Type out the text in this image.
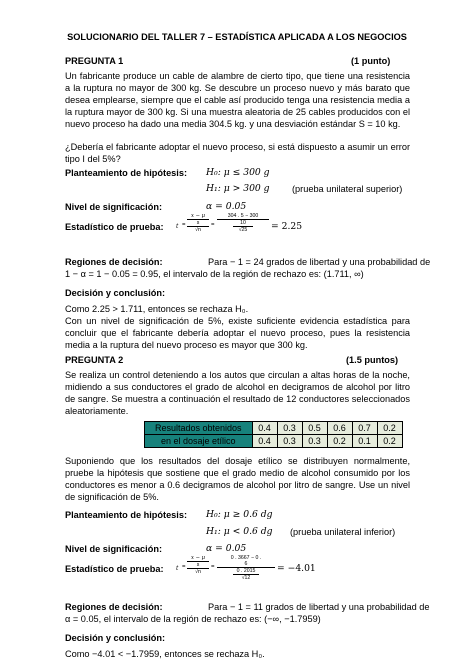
SOLUCIONARIO DEL TALLER 7 – ESTADÍSTICA APLICADA A LOS NEGOCIOS
PREGUNTA 1	(1 punto)
Un fabricante produce un cable de alambre de cierto tipo, que tiene una resistencia a la ruptura no mayor de 300 kg. Se descubre un proceso nuevo y más barato que desea emplearse, siempre que el cable así producido tenga una resistencia media a la ruptura mayor de 300 kg. Si una muestra aleatoria de 25 cables producidos con el nuevo proceso ha dado una media 304.5 kg. y una desviación estándar S = 10 kg.
¿Debería el fabricante adoptar el nuevo proceso, si está dispuesto a asumir un error tipo I del 5%?
Planteamiento de hipótesis: H₀: μ ≤ 300 g
H₁: μ > 300 g (prueba unilateral superior)
Nivel de significación:	α = 0.05
Estadístico de prueba: t = x − μ
s
√n = 304 . 5 − 300
10
√25 = 2.25
Regiones de decisión:	Para − 1 = 24 grados de libertad y una probabilidad de
1 − α = 1 − 0.05 = 0.95, el intervalo de la región de rechazo es: (1.711, ∞)
Decisión y conclusión:
Como 2.25 > 1.711, entonces se rechaza H₀.
Con un nivel de significación de 5%, existe suficiente evidencia estadística para concluir que el fabricante debería adoptar el nuevo proceso, pues la resistencia media a la ruptura del nuevo proceso es mayor que 300 kg.
PREGUNTA 2	(1.5 puntos)
Se realiza un control deteniendo a los autos que circulan a altas horas de la noche, midiendo a sus conductores el grado de alcohol en decigramos de alcohol por litro de sangre. Se muestra a continuación el resultado de 12 conductores seleccionados aleatoriamente.
Resultados obtenidos	0.4	0.3	0.5	0.6	0.7	0.2
en el dosaje etílico	0.4	0.3	0.3	0.2	0.1	0.2
Suponiendo que los resultados del dosaje etílico se distribuyen normalmente, pruebe la hipótesis que sostiene que el grado medio de alcohol consumido por los conductores es menor a 0.6 decigramos de alcohol por litro de sangre. Use un nivel de significación de 5%.
Planteamiento de hipótesis: H₀: μ ≥ 0.6 dg
H₁: μ < 0.6 dg (prueba unilateral inferior)
Nivel de significación:	α = 0.05
Estadístico de prueba: t = x − μ
s
√n =
0 . 3667 − 0 .
6
0 . 2015
√12
= −4.01
Regiones de decisión:	Para − 1 = 11 grados de libertad y una probabilidad de
α = 0.05, el intervalo de la región de rechazo es: (−∞, −1.7959)
Decisión y conclusión:
Como −4.01 < −1.7959, entonces se rechaza H₀.
